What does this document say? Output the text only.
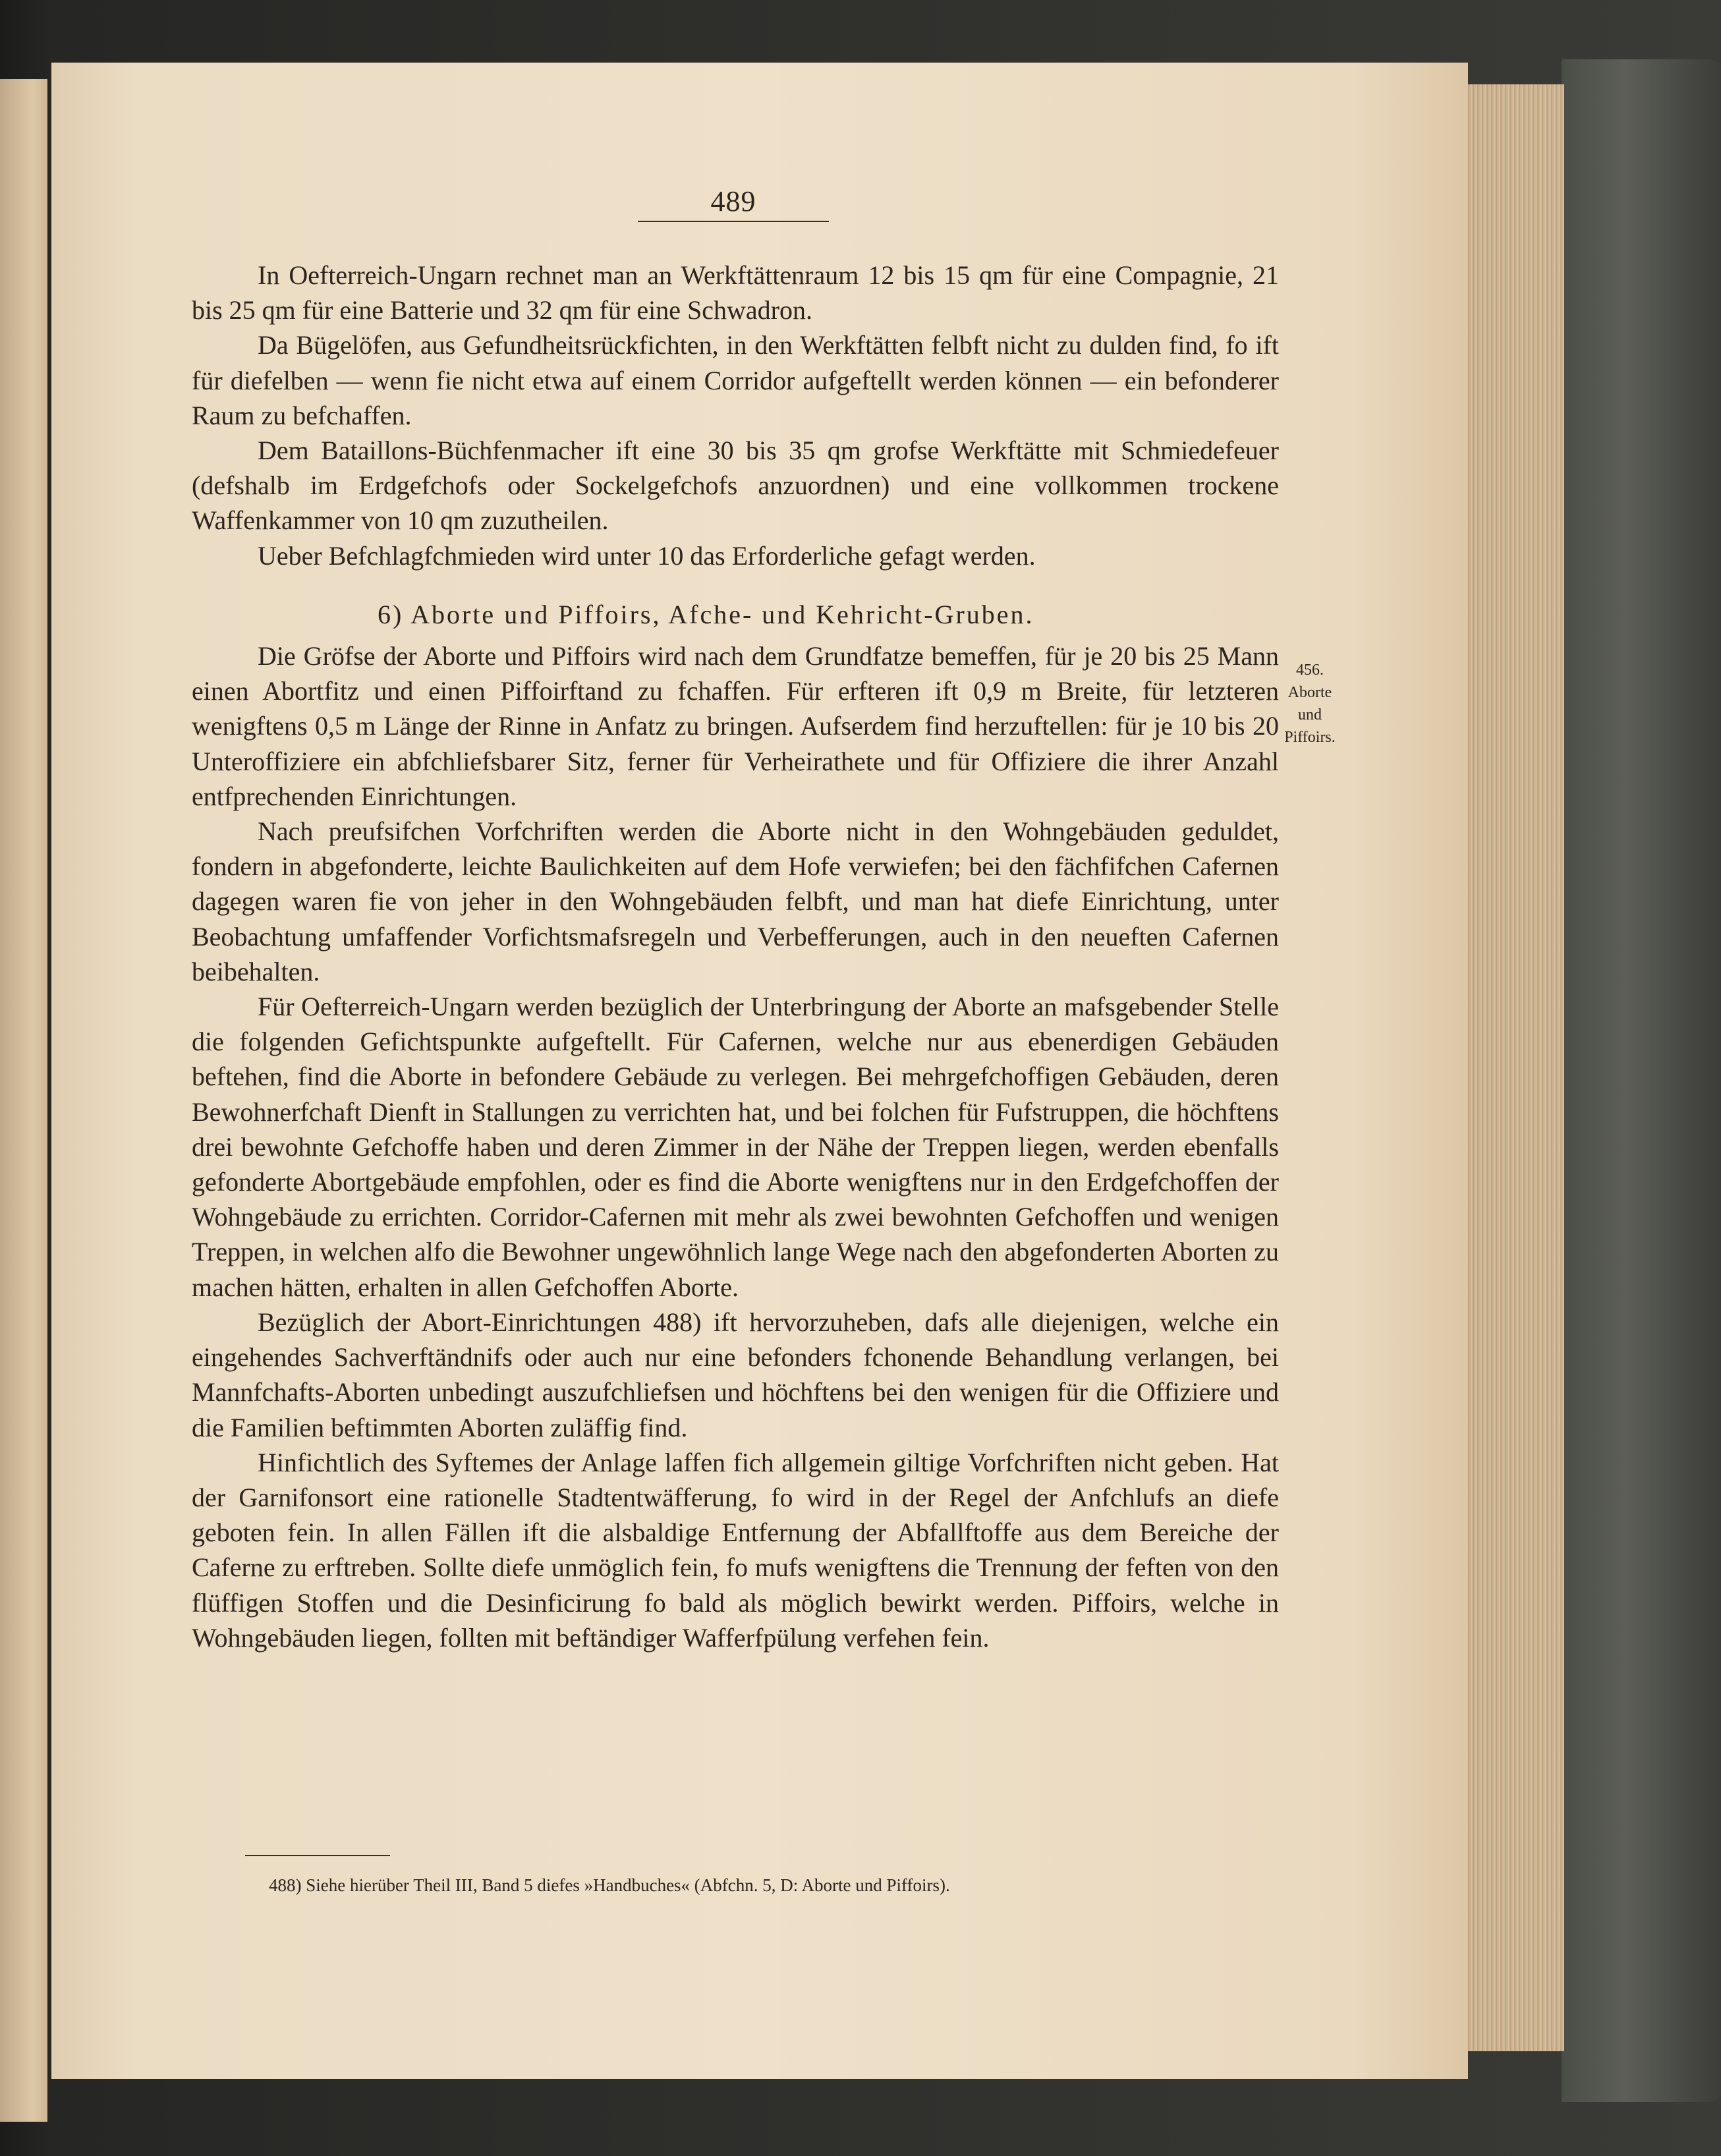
489

In Oefterreich-Ungarn rechnet man an Werkftättenraum 12 bis 15 qm für eine Compagnie, 21 bis 25 qm für eine Batterie und 32 qm für eine Schwadron.

Da Bügelöfen, aus Gefundheitsrückfichten, in den Werkftätten felbft nicht zu dulden find, fo ift für diefelben — wenn fie nicht etwa auf einem Corridor aufgeftellt werden können — ein befonderer Raum zu befchaffen.

Dem Bataillons-Büchfenmacher ift eine 30 bis 35 qm grofse Werkftätte mit Schmiedefeuer (defshalb im Erdgefchofs oder Sockelgefchofs anzuordnen) und eine vollkommen trockene Waffenkammer von 10 qm zuzutheilen.

Ueber Befchlagfchmieden wird unter 10 das Erforderliche gefagt werden.

6) Aborte und Piffoirs, Afche- und Kehricht-Gruben.

Die Gröfse der Aborte und Piffoirs wird nach dem Grundfatze bemeffen, für je 20 bis 25 Mann einen Abortfitz und einen Piffoirftand zu fchaffen. Für erfteren ift 0,9 m Breite, für letzteren wenigftens 0,5 m Länge der Rinne in Anfatz zu bringen. Aufserdem find herzuftellen: für je 10 bis 20 Unteroffiziere ein abfchliefsbarer Sitz, ferner für Verheirathete und für Offiziere die ihrer Anzahl entfprechenden Einrichtungen.

Nach preufsifchen Vorfchriften werden die Aborte nicht in den Wohngebäuden geduldet, fondern in abgefonderte, leichte Baulichkeiten auf dem Hofe verwiefen; bei den fächfifchen Cafernen dagegen waren fie von jeher in den Wohngebäuden felbft, und man hat diefe Einrichtung, unter Beobachtung umfaffender Vorfichtsmafsregeln und Verbefferungen, auch in den neueften Cafernen beibehalten.

Für Oefterreich-Ungarn werden bezüglich der Unterbringung der Aborte an mafsgebender Stelle die folgenden Gefichtspunkte aufgeftellt. Für Cafernen, welche nur aus ebenerdigen Gebäuden beftehen, find die Aborte in befondere Gebäude zu verlegen. Bei mehrgefchoffigen Gebäuden, deren Bewohnerfchaft Dienft in Stallungen zu verrichten hat, und bei folchen für Fufstruppen, die höchftens drei bewohnte Gefchoffe haben und deren Zimmer in der Nähe der Treppen liegen, werden ebenfalls gefonderte Abortgebäude empfohlen, oder es find die Aborte wenigftens nur in den Erdgefchoffen der Wohngebäude zu errichten. Corridor-Cafernen mit mehr als zwei bewohnten Gefchoffen und wenigen Treppen, in welchen alfo die Bewohner ungewöhnlich lange Wege nach den abgefonderten Aborten zu machen hätten, erhalten in allen Gefchoffen Aborte.

Bezüglich der Abort-Einrichtungen 488) ift hervorzuheben, dafs alle diejenigen, welche ein eingehendes Sachverftändnifs oder auch nur eine befonders fchonende Behandlung verlangen, bei Mannfchafts-Aborten unbedingt auszufchliefsen und höchftens bei den wenigen für die Offiziere und die Familien beftimmten Aborten zuläffig find.

Hinfichtlich des Syftemes der Anlage laffen fich allgemein giltige Vorfchriften nicht geben. Hat der Garnifonsort eine rationelle Stadtentwäfferung, fo wird in der Regel der Anfchlufs an diefe geboten fein. In allen Fällen ift die alsbaldige Entfernung der Abfallftoffe aus dem Bereiche der Caferne zu erftreben. Sollte diefe unmöglich fein, fo mufs wenigftens die Trennung der feften von den flüffigen Stoffen und die Desinficirung fo bald als möglich bewirkt werden. Piffoirs, welche in Wohngebäuden liegen, follten mit beftändiger Wafferfpülung verfehen fein.

456.
Aborte
und
Piffoirs.
488) Siehe hierüber Theil III, Band 5 diefes »Handbuches« (Abfchn. 5, D: Aborte und Piffoirs).
